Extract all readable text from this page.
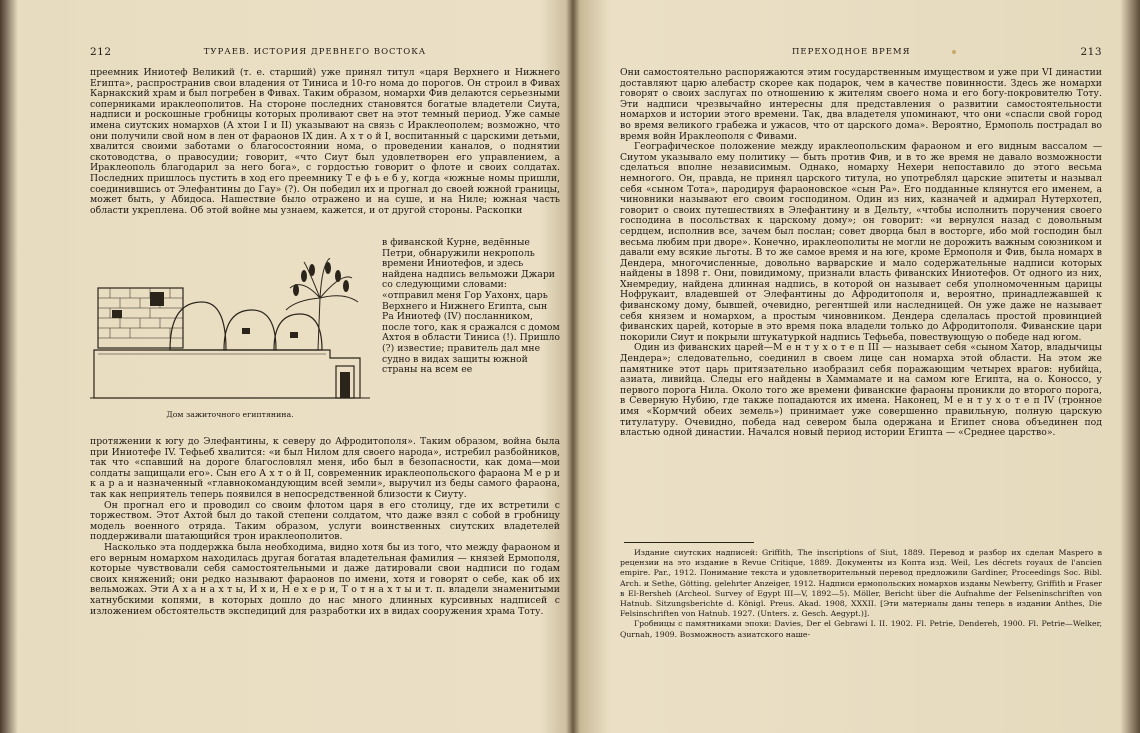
212	ТУРАЕВ. ИСТОРИЯ ДРЕВНЕГО ВОСТОКА

преемник Иниотеф Великий (т. е. старший) уже принял титул «царя Верхнего и Нижнего Египта», распространив свои владения от Тиниса и 10-го нома до порогов. Он строил в Фивах Карнакский храм и был погребен в Фивах. Таким образом, номархи Фив делаются серьезными соперниками ираклеополитов. На стороне последних становятся богатые владетели Сиута, надписи и роскошные гробницы которых проливают свет на этот темный период. Уже самые имена сиутских номархов (А хтои I и II) указывают на связь с Ираклеополем; возможно, что они получили свой ном в лен от фараонов IX дин. А х т о й I, воспитанный с царскими детьми, хвалится своими заботами о благосостоянии нома, о проведении каналов, о поднятии скотоводства, о правосудии; говорит, «что Сиут был удовлетворен его управлением, а Ираклеополь благодарил за него бога», с гордостью говорит о флоте и своих солдатах. Последних пришлось пустить в ход его преемнику Т е ф ь е б у, когда «южные номы пришли, соединившись от Элефантины до Гау» (?). Он победил их и прогнал до своей южной границы, может быть, у Абидоса. Нашествие было отражено и на суше, и на Ниле; южная часть области укреплена. Об этой войне мы узнаем, кажется, и от другой стороны. Раскопки

Дом зажиточного египтянина.
в фиванской Курне, ведённые Петри, обнаружили некрополь времени Иниотефов, и здесь найдена надпись вельможи Джари со следующими словами: «отправил меня Гор Уахонх, царь Верхнего и Нижнего Египта, сын Ра Иниотеф (IV) посланником, после того, как я сражался с домом Ахтоя в области Тиниса (!). Пришло (?) известие; правитель дал мне судно в видах защиты южной страны на всем ее

протяжении к югу до Элефантины, к северу до Афродитополя». Таким образом, война была при Иниотефе IV. Тефьеб хвалится: «и был Нилом для своего народа», истребил разбойников, так что «спавший на дороге благословлял меня, ибо был в безопасности, как дома—мои солдаты защищали его». Сын его А х т о й II, современник ираклеопольского фараона М е р и к а р а и назначенный «главнокомандующим всей земли», выручил из беды самого фараона, так как неприятель теперь появился в непосредственной близости к Сиуту.

Он прогнал его и проводил со своим флотом царя в его столицу, где их встретили с торжеством. Этот Ахтой был до такой степени солдатом, что даже взял с собой в гробницу модель военного отряда. Таким образом, услуги воинственных сиутских владетелей поддерживали шатающийся трон ираклеополитов.

Насколько эта поддержка была необходима, видно хотя бы из того, что между фараоном и его верным номархом находилась другая богатая владетельная фамилия — князей Ермополя, которые чувствовали себя самостоятельными и даже датировали свои надписи по годам своих княжений; они редко называют фараонов по имени, хотя и говорят о себе, как об их вельможах. Эти А х а н а х т ы, И х и, Н е х е р и, Т о т н а х т ы и т. п. владели знаменитыми хатнубскими копями, в которых дошло до нас много длинных курсивных надписей с изложением обстоятельств экспедиций для разработки их в видах сооружения храма Тоту.

ПЕРЕХОДНОЕ ВРЕМЯ	213

Они самостоятельно распоряжаются этим государственным имуществом и уже при VI династии доставляют царю алебастр скорее как подарок, чем в качестве повинности. Здесь же номархи говорят о своих заслугах по отношению к жителям своего нома и его богу-покровителю Тоту. Эти надписи чрезвычайно интересны для представления о развитии самостоятельности номархов и истории этого времени. Так, два владетеля упоминают, что они «спасли свой город во время великого грабежа и ужасов, что от царского дома». Вероятно, Ермополь пострадал во время войн Ираклеополя с Фивами.

Географическое положение между ираклеопольским фараоном и его видным вассалом — Сиутом указывало ему политику — быть против Фив, и в то же время не давало возможности сделаться вполне независимым. Однако, номарху Нехери непоставило до этого весьма немногого. Он, правда, не принял царского титула, но употреблял царские эпитеты и называл себя «сыном Тота», пародируя фараоновское «сын Ра». Его подданные клянутся его именем, а чиновники называют его своим господином. Один из них, казначей и адмирал Нутерхотеп, говорит о своих путешествиях в Элефантину и в Дельту, «чтобы исполнить поручения своего господина в посольствах к царскому дому»; он говорит: «и вернулся назад с довольным сердцем, исполнив все, зачем был послан; совет дворца был в восторге, ибо мой господин был весьма любим при дворе». Конечно, ираклеополиты не могли не дорожить важным союзником и давали ему всякие льготы. В то же самое время и на юге, кроме Ермополя и Фив, была номарх в Дендера, многочисленные, довольно варварские и мало содержательные надписи которых найдены в 1898 г. Они, повидимому, признали власть фиванских Иниотефов. От одного из них, Хнемредиу, найдена длинная надпись, в которой он называет себя уполномоченным царицы Нофрукаит, владевшей от Элефантины до Афродитополя и, вероятно, принадлежавшей к фиванскому дому, бывшей, очевидно, регентшей или наследницей. Он уже даже не называет себя князем и номархом, а простым чиновником. Дендера сделалась простой провинцией фиванских царей, которые в это время пока владели только до Афродитополя. Фиванские цари покорили Сиут и покрыли штукатуркой надпись Тефьеба, повествующую о победе над югом.

Один из фиванских царей—М е н т у х о т е п III — называет себя «сыном Хатор, владычицы Дендера»; следовательно, соединил в своем лице сан номарха этой области. На этом же памятнике этот царь притязательно изобразил себя поражающим четырех врагов: нубийца, азиата, ливийца. Следы его найдены в Хаммамате и на самом юге Египта, на о. Коноссо, у первого порога Нила. Около того же времени фиванские фараоны проникли до второго порога, в Северную Нубию, где также попадаются их имена. Наконец, М е н т у х о т е п IV (тронное имя «Кормчий обеих земель») принимает уже совершенно правильную, полную царскую титулатуру. Очевидно, победа над севером была одержана и Египет снова объединен под властью одной династии. Начался новый период истории Египта — «Среднее царство».

Издание сиутских надписей: Griffith, The inscriptions of Siut, 1889. Перевод и разбор их сделан Maspero в рецензии на это издание в Revue Critique, 1889. Документы из Коптa изд. Weil, Les décrets royaux de l'ancien empire. Par., 1912. Понимание текста и удовлетворительный перевод предложили Gardiner, Proceedings Soc. Bibl. Arch. и Sethe, Götting. gelehrter Anzeiger, 1912. Надписи ермопольских номархов изданы Newberry, Griffith и Fraser в El-Bersheh (Archeol. Survey of Egypt III—V, 1892—5). Möller, Bericht über die Aufnahme der Felseninschriften von Hatnub. Sitzungsberichte d. Königl. Preus. Akad. 1908, XXXII. [Эти материалы даны теперь в издании Anthes, Die Felsinschriften von Hatnub. 1927. (Unters. z. Gesch. Aegypt.)].

Гробницы с памятниками эпохи: Davies, Der el Gebrawi I. II. 1902. Fl. Petrie, Dendereh, 1900. Fl. Petrie—Welker, Qurnah, 1909. Возможность азиатского наше-
